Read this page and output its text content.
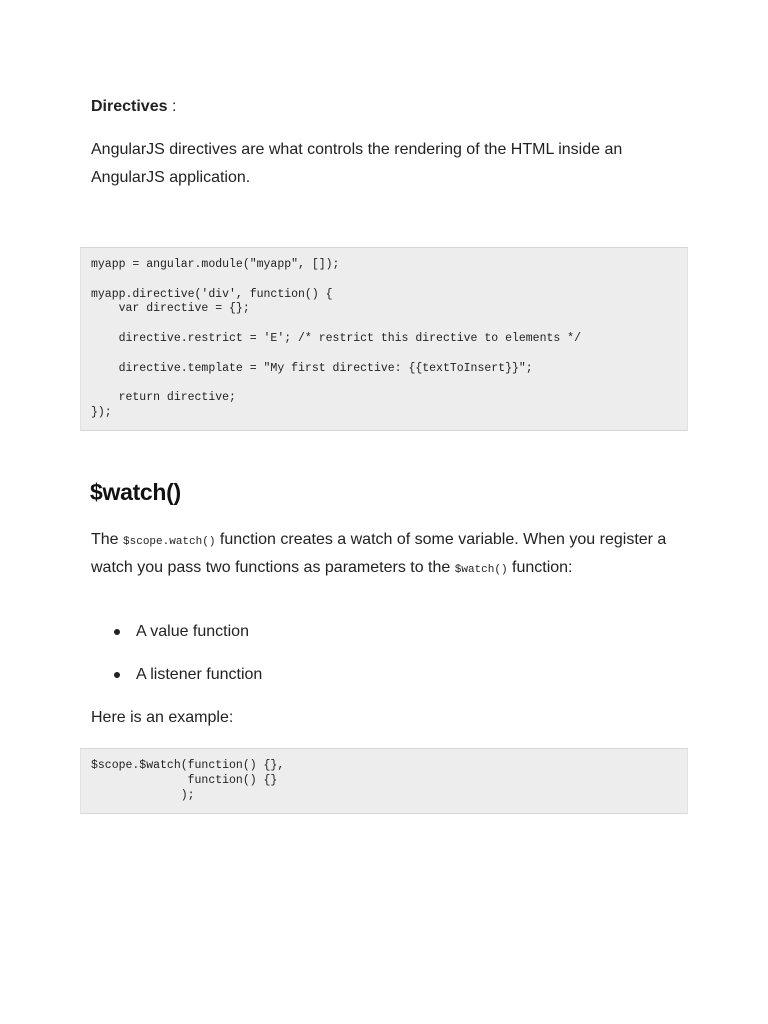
Directives :

AngularJS directives are what controls the rendering of the HTML inside an AngularJS application.

myapp = angular.module("myapp", []);

myapp.directive('div', function() {
var directive = {};

directive.restrict = 'E'; /* restrict this directive to elements */

directive.template = "My first directive: {{textToInsert}}";

return directive;
});
$watch()

The $scope.watch() function creates a watch of some variable. When you register a watch you pass two functions as parameters to the $watch() function:

A value function
A listener function

Here is an example:

$scope.$watch(function() {},
function() {}
);
